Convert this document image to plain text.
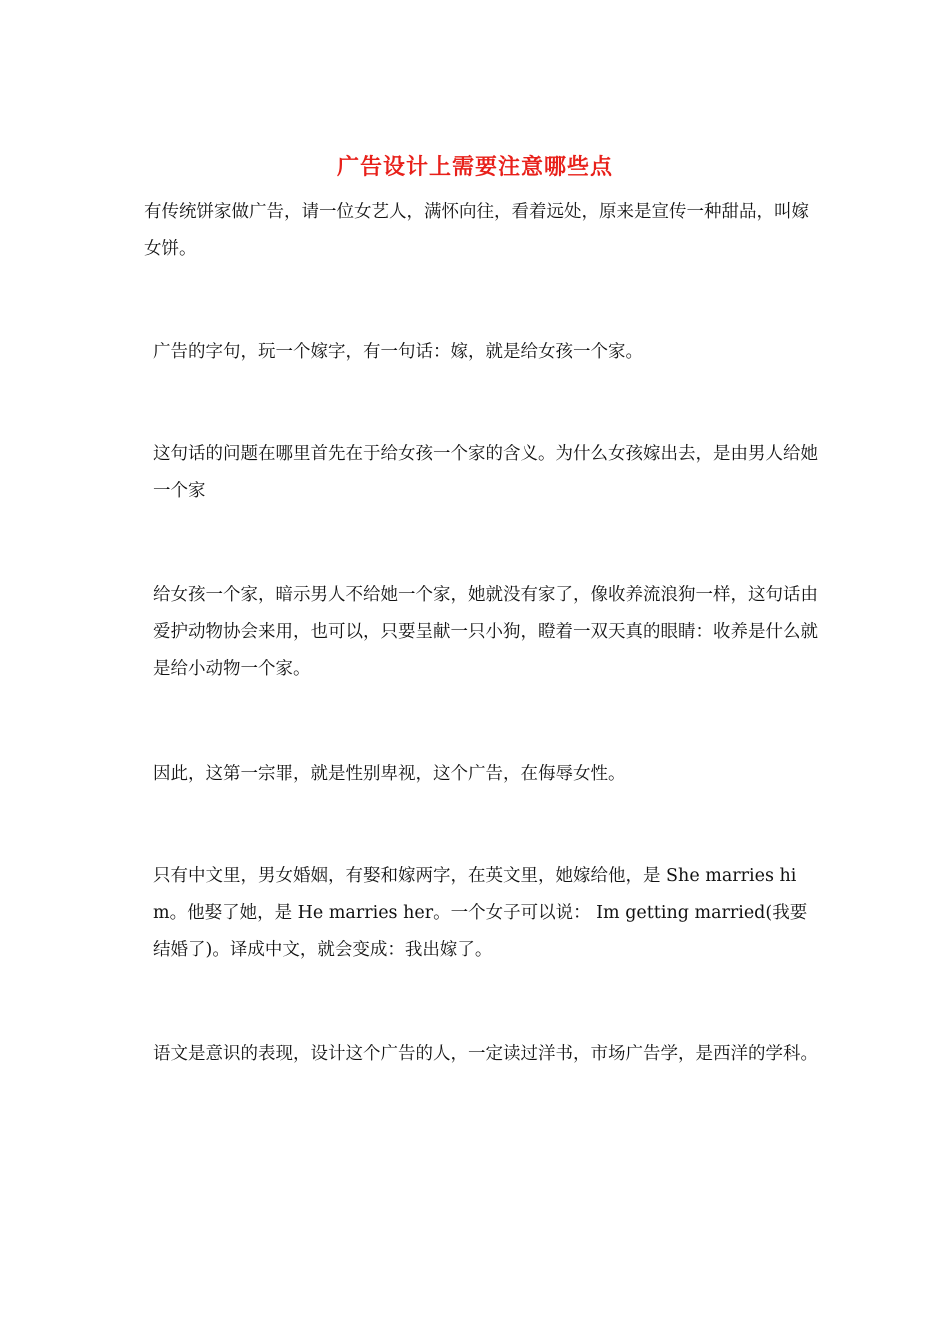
广告设计上需要注意哪些点

有传统饼家做广告，请一位女艺人，满怀向往，看着远处，原来是宣传一种甜品，叫嫁女饼。

广告的字句，玩一个嫁字，有一句话：嫁，就是给女孩一个家。

这句话的问题在哪里首先在于给女孩一个家的含义。为什么女孩嫁出去，是由男人给她一个家

给女孩一个家，暗示男人不给她一个家，她就没有家了，像收养流浪狗一样，这句话由爱护动物协会来用，也可以，只要呈献一只小狗，瞪着一双天真的眼睛：收养是什么就是给小动物一个家。

因此，这第一宗罪，就是性别卑视，这个广告，在侮辱女性。

只有中文里，男女婚姻，有娶和嫁两字，在英文里，她嫁给他，是 She marries him。他娶了她，是 He marries her。一个女子可以说： Im getting married(我要结婚了)。译成中文，就会变成：我出嫁了。

语文是意识的表现，设计这个广告的人，一定读过洋书，市场广告学，是西洋的学科。
